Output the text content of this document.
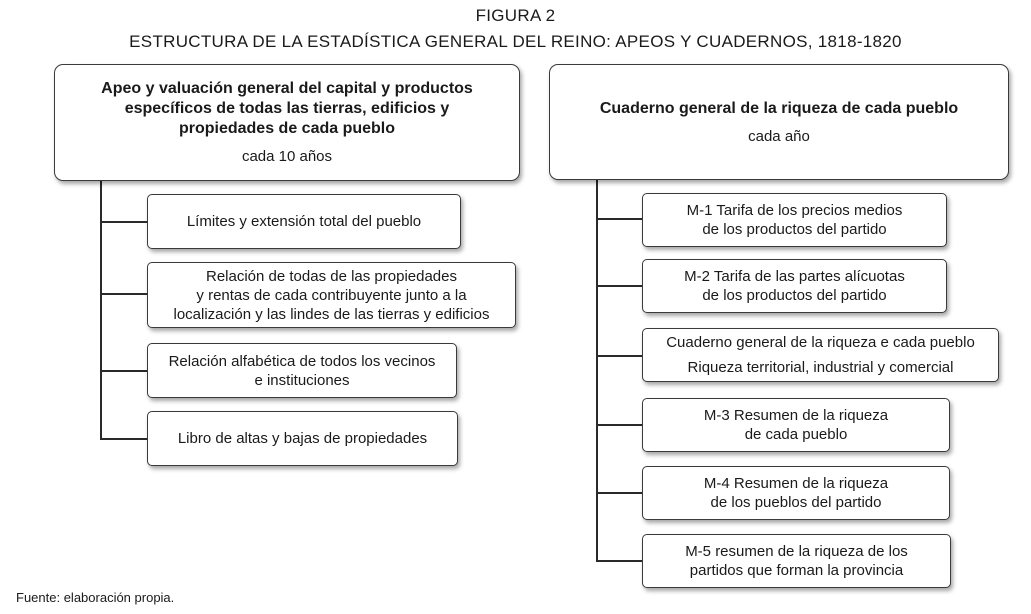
FIGURA 2
ESTRUCTURA DE LA ESTADÍSTICA GENERAL DEL REINO: APEOS Y CUADERNOS, 1818-1820
Apeo y valuación general del capital y productos
específicos de todas las tierras, edificios y
propiedades de cada pueblo
cada 10 años
Límites y extensión total del pueblo
Relación de todas de las propiedades
y rentas de cada contribuyente junto a la
localización y las lindes de las tierras y edificios
Relación alfabética de todos los vecinos
e instituciones
Libro de altas y bajas de propiedades
Cuaderno general de la riqueza de cada pueblo
cada año
M-1 Tarifa de los precios medios
de los productos del partido
M-2 Tarifa de las partes alícuotas
de los productos del partido
Cuaderno general de la riqueza e cada pueblo
Riqueza territorial, industrial y comercial
M-3 Resumen de la riqueza
de cada pueblo
M-4 Resumen de la riqueza
de los pueblos del partido
M-5 resumen de la riqueza de los
partidos que forman la provincia
Fuente: elaboración propia.
